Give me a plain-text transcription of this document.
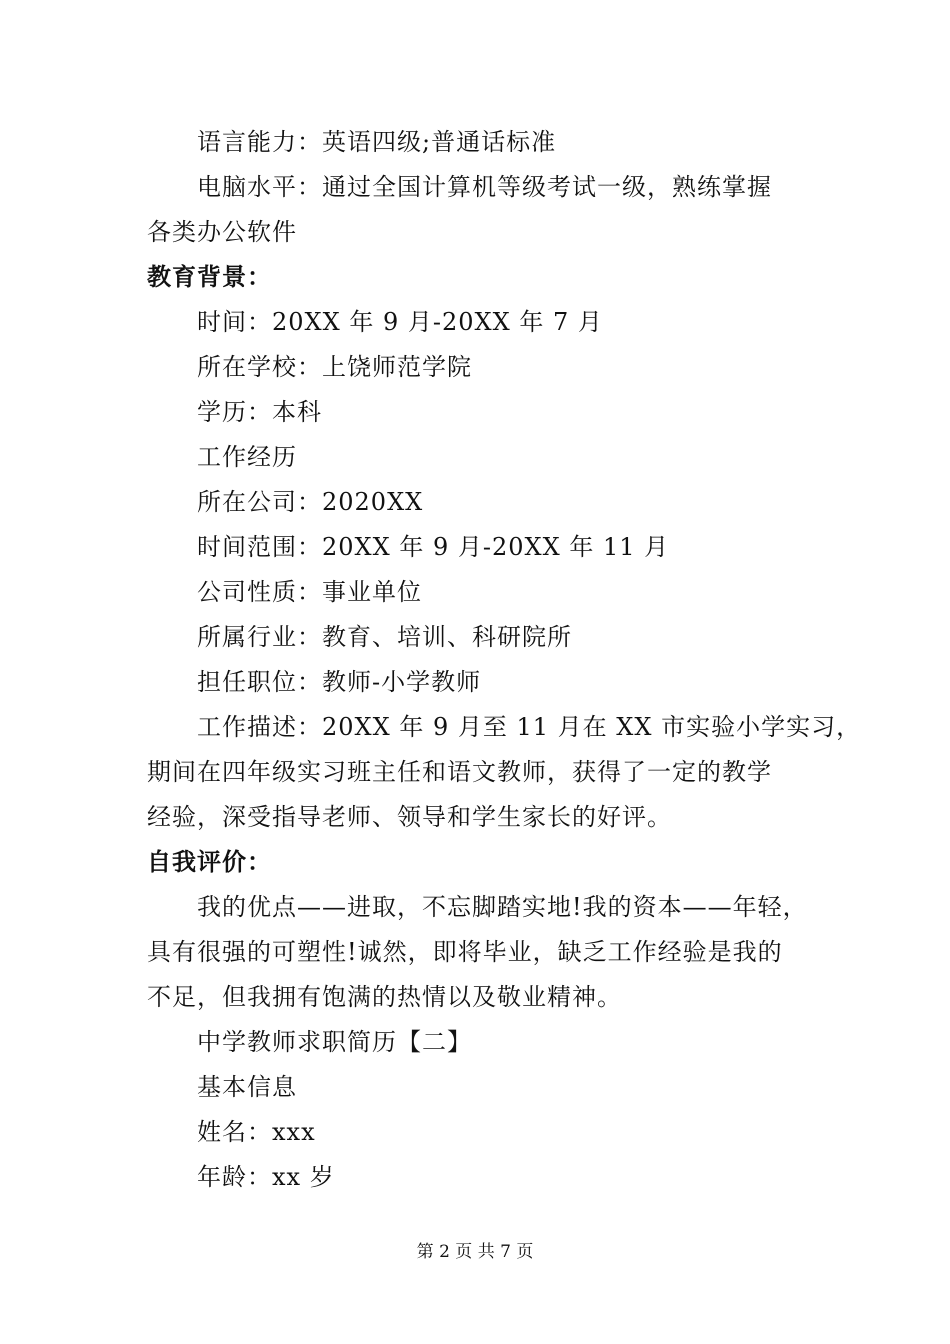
语言能力：英语四级;普通话标准
电脑水平：通过全国计算机等级考试一级，熟练掌握
各类办公软件
教育背景：
时间：20XX 年 9 月-20XX 年 7 月
所在学校：上饶师范学院
学历：本科
工作经历
所在公司：2020XX
时间范围：20XX 年 9 月-20XX 年 11 月
公司性质：事业单位
所属行业：教育、培训、科研院所
担任职位：教师-小学教师
工作描述：20XX 年 9 月至 11 月在 XX 市实验小学实习，
期间在四年级实习班主任和语文教师，获得了一定的教学
经验，深受指导老师、领导和学生家长的好评。
自我评价：
我的优点——进取，不忘脚踏实地!我的资本——年轻，
具有很强的可塑性!诚然，即将毕业，缺乏工作经验是我的
不足，但我拥有饱满的热情以及敬业精神。
中学教师求职简历【二】
基本信息
姓名：xxx
年龄：xx 岁
第 2 页 共 7 页
